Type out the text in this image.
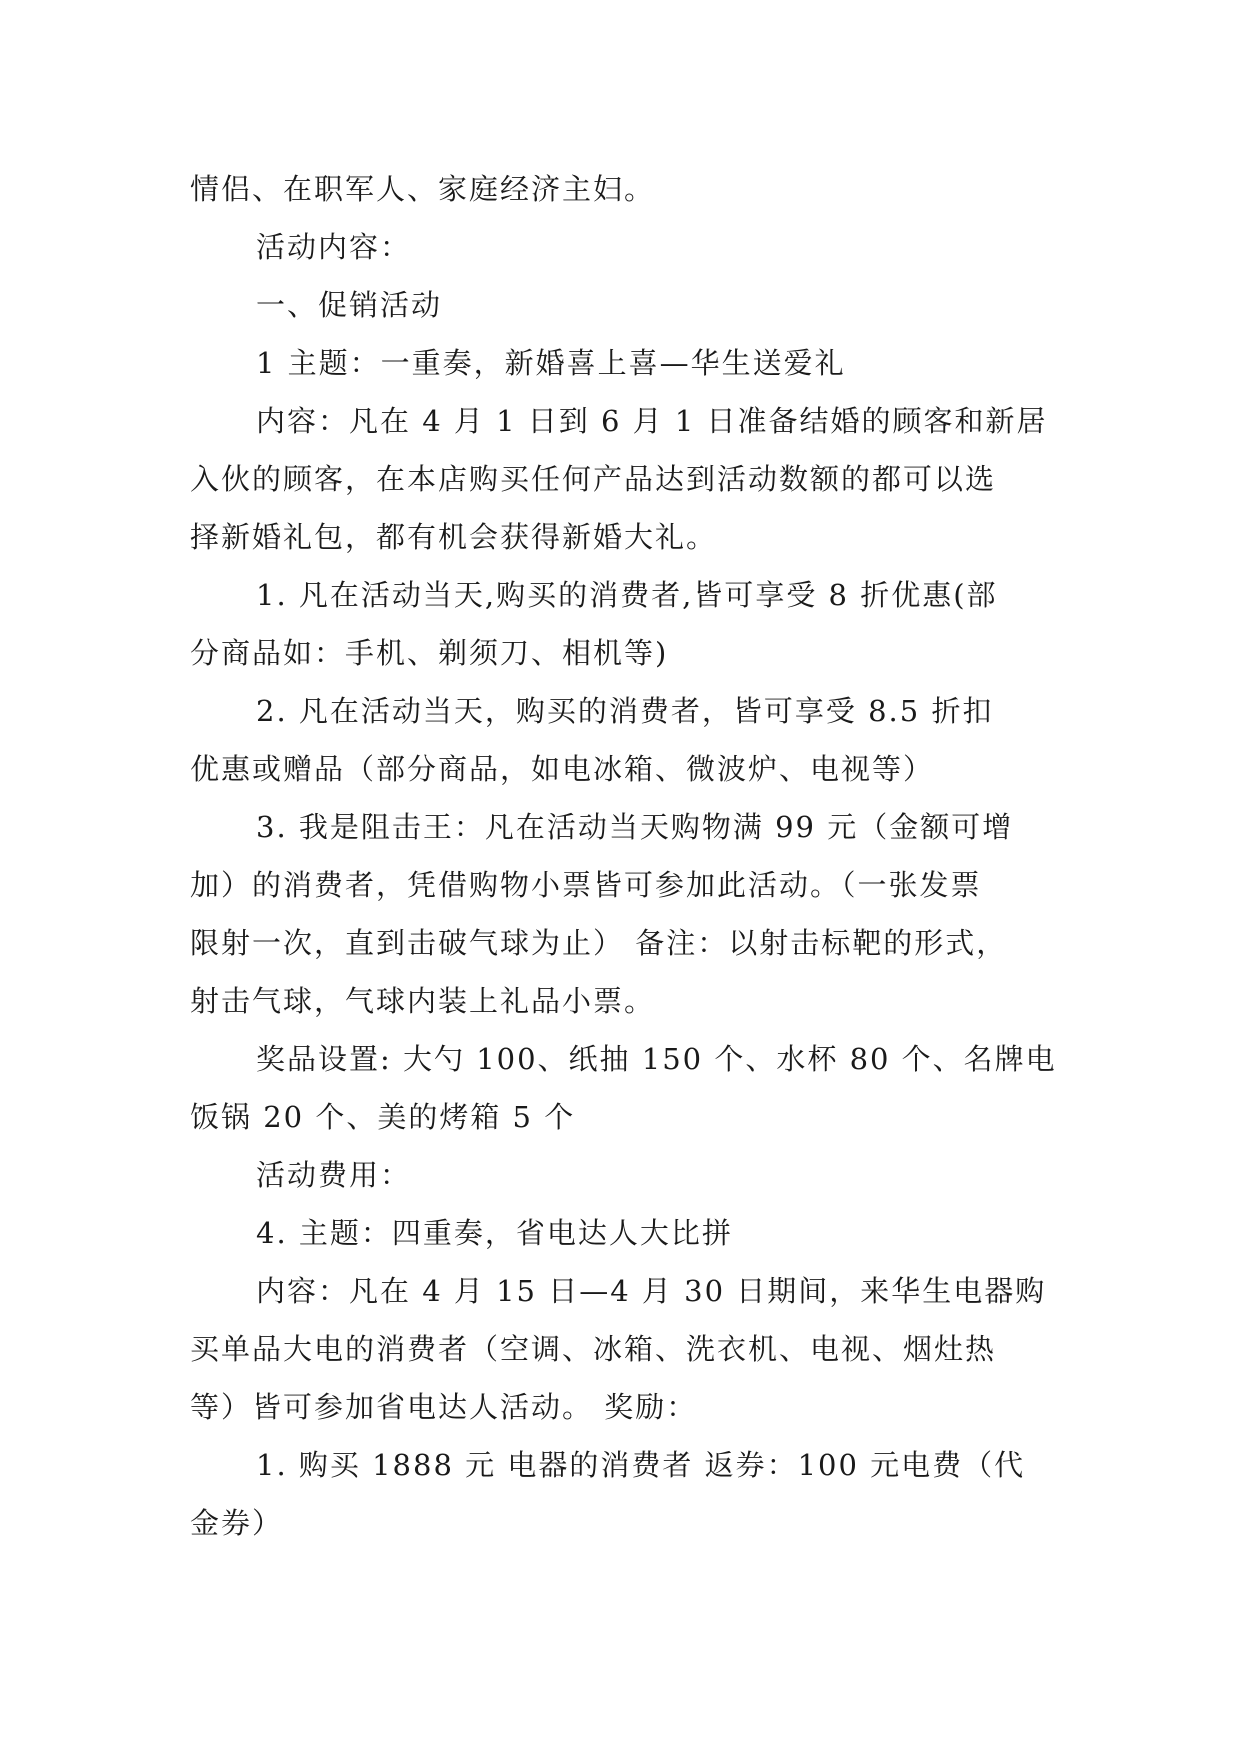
情侣、在职军人、家庭经济主妇。
活动内容：
一、促销活动
1 主题：一重奏，新婚喜上喜—华生送爱礼
内容：凡在 4 月 1 日到 6 月 1 日准备结婚的顾客和新居
入伙的顾客，在本店购买任何产品达到活动数额的都可以选
择新婚礼包，都有机会获得新婚大礼。
1. 凡在活动当天,购买的消费者,皆可享受 8 折优惠(部
分商品如：手机、剃须刀、相机等)
2. 凡在活动当天，购买的消费者，皆可享受 8.5 折扣
优惠或赠品（部分商品，如电冰箱、微波炉、电视等）
3. 我是阻击王：凡在活动当天购物满 99 元（金额可增
加）的消费者，凭借购物小票皆可参加此活动。（一张发票
限射一次，直到击破气球为止） 备注：以射击标靶的形式，
射击气球，气球内装上礼品小票。
奖品设置: 大勺 100、纸抽 150 个、水杯 80 个、名牌电
饭锅 20 个、美的烤箱 5 个
活动费用：
4. 主题：四重奏，省电达人大比拼
内容：凡在 4 月 15 日—4 月 30 日期间，来华生电器购
买单品大电的消费者（空调、冰箱、洗衣机、电视、烟灶热
等）皆可参加省电达人活动。 奖励：
1. 购买 1888 元 电器的消费者 返券：100 元电费（代
金券）
